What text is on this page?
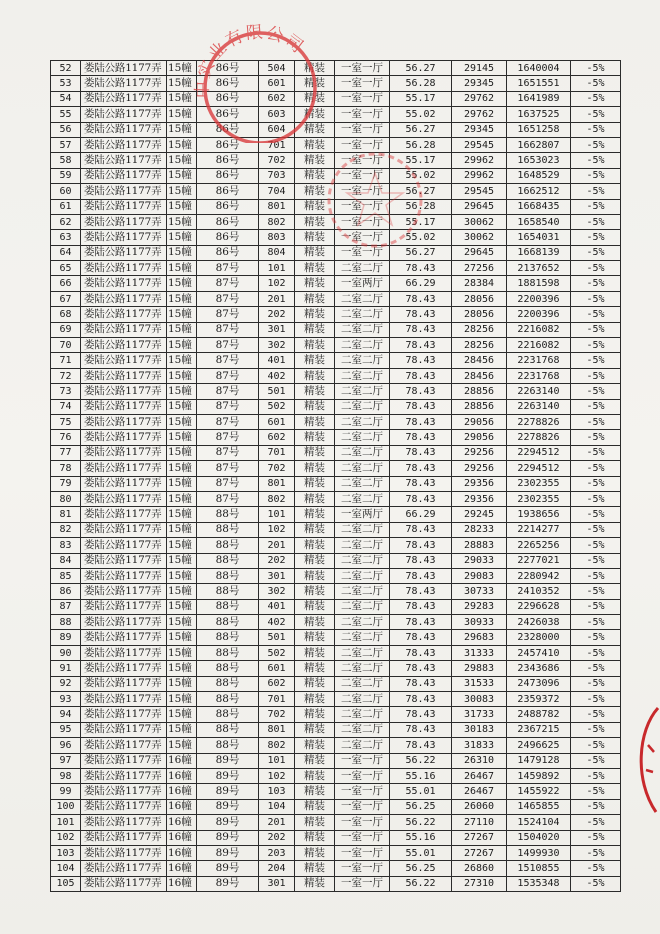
52	娄陆公路1177弄	15幢	86号	504	精装	一室一厅	56.27	29145	1640004	-5%
53	娄陆公路1177弄	15幢	86号	601	精装	一室一厅	56.28	29345	1651551	-5%
54	娄陆公路1177弄	15幢	86号	602	精装	一室一厅	55.17	29762	1641989	-5%
55	娄陆公路1177弄	15幢	86号	603	精装	一室一厅	55.02	29762	1637525	-5%
56	娄陆公路1177弄	15幢	86号	604	精装	一室一厅	56.27	29345	1651258	-5%
57	娄陆公路1177弄	15幢	86号	701	精装	一室一厅	56.28	29545	1662807	-5%
58	娄陆公路1177弄	15幢	86号	702	精装	一室一厅	55.17	29962	1653023	-5%
59	娄陆公路1177弄	15幢	86号	703	精装	一室一厅	55.02	29962	1648529	-5%
60	娄陆公路1177弄	15幢	86号	704	精装	一室一厅	56.27	29545	1662512	-5%
61	娄陆公路1177弄	15幢	86号	801	精装	一室一厅	56.28	29645	1668435	-5%
62	娄陆公路1177弄	15幢	86号	802	精装	一室一厅	55.17	30062	1658540	-5%
63	娄陆公路1177弄	15幢	86号	803	精装	一室一厅	55.02	30062	1654031	-5%
64	娄陆公路1177弄	15幢	86号	804	精装	一室一厅	56.27	29645	1668139	-5%
65	娄陆公路1177弄	15幢	87号	101	精装	二室二厅	78.43	27256	2137652	-5%
66	娄陆公路1177弄	15幢	87号	102	精装	一室两厅	66.29	28384	1881598	-5%
67	娄陆公路1177弄	15幢	87号	201	精装	二室二厅	78.43	28056	2200396	-5%
68	娄陆公路1177弄	15幢	87号	202	精装	二室二厅	78.43	28056	2200396	-5%
69	娄陆公路1177弄	15幢	87号	301	精装	二室二厅	78.43	28256	2216082	-5%
70	娄陆公路1177弄	15幢	87号	302	精装	二室二厅	78.43	28256	2216082	-5%
71	娄陆公路1177弄	15幢	87号	401	精装	二室二厅	78.43	28456	2231768	-5%
72	娄陆公路1177弄	15幢	87号	402	精装	二室二厅	78.43	28456	2231768	-5%
73	娄陆公路1177弄	15幢	87号	501	精装	二室二厅	78.43	28856	2263140	-5%
74	娄陆公路1177弄	15幢	87号	502	精装	二室二厅	78.43	28856	2263140	-5%
75	娄陆公路1177弄	15幢	87号	601	精装	二室二厅	78.43	29056	2278826	-5%
76	娄陆公路1177弄	15幢	87号	602	精装	二室二厅	78.43	29056	2278826	-5%
77	娄陆公路1177弄	15幢	87号	701	精装	二室二厅	78.43	29256	2294512	-5%
78	娄陆公路1177弄	15幢	87号	702	精装	二室二厅	78.43	29256	2294512	-5%
79	娄陆公路1177弄	15幢	87号	801	精装	二室二厅	78.43	29356	2302355	-5%
80	娄陆公路1177弄	15幢	87号	802	精装	二室二厅	78.43	29356	2302355	-5%
81	娄陆公路1177弄	15幢	88号	101	精装	一室两厅	66.29	29245	1938656	-5%
82	娄陆公路1177弄	15幢	88号	102	精装	二室二厅	78.43	28233	2214277	-5%
83	娄陆公路1177弄	15幢	88号	201	精装	二室二厅	78.43	28883	2265256	-5%
84	娄陆公路1177弄	15幢	88号	202	精装	二室二厅	78.43	29033	2277021	-5%
85	娄陆公路1177弄	15幢	88号	301	精装	二室二厅	78.43	29083	2280942	-5%
86	娄陆公路1177弄	15幢	88号	302	精装	二室二厅	78.43	30733	2410352	-5%
87	娄陆公路1177弄	15幢	88号	401	精装	二室二厅	78.43	29283	2296628	-5%
88	娄陆公路1177弄	15幢	88号	402	精装	二室二厅	78.43	30933	2426038	-5%
89	娄陆公路1177弄	15幢	88号	501	精装	二室二厅	78.43	29683	2328000	-5%
90	娄陆公路1177弄	15幢	88号	502	精装	二室二厅	78.43	31333	2457410	-5%
91	娄陆公路1177弄	15幢	88号	601	精装	二室二厅	78.43	29883	2343686	-5%
92	娄陆公路1177弄	15幢	88号	602	精装	二室二厅	78.43	31533	2473096	-5%
93	娄陆公路1177弄	15幢	88号	701	精装	二室二厅	78.43	30083	2359372	-5%
94	娄陆公路1177弄	15幢	88号	702	精装	二室二厅	78.43	31733	2488782	-5%
95	娄陆公路1177弄	15幢	88号	801	精装	二室二厅	78.43	30183	2367215	-5%
96	娄陆公路1177弄	15幢	88号	802	精装	二室二厅	78.43	31833	2496625	-5%
97	娄陆公路1177弄	16幢	89号	101	精装	一室一厅	56.22	26310	1479128	-5%
98	娄陆公路1177弄	16幢	89号	102	精装	一室一厅	55.16	26467	1459892	-5%
99	娄陆公路1177弄	16幢	89号	103	精装	一室一厅	55.01	26467	1455922	-5%
100	娄陆公路1177弄	16幢	89号	104	精装	一室一厅	56.25	26060	1465855	-5%
101	娄陆公路1177弄	16幢	89号	201	精装	一室一厅	56.22	27110	1524104	-5%
102	娄陆公路1177弄	16幢	89号	202	精装	一室一厅	55.16	27267	1504020	-5%
103	娄陆公路1177弄	16幢	89号	203	精装	一室一厅	55.01	27267	1499930	-5%
104	娄陆公路1177弄	16幢	89号	204	精装	一室一厅	56.25	26860	1510855	-5%
105	娄陆公路1177弄	16幢	89号	301	精装	一室一厅	56.22	27310	1535348	-5%
中实业有限公司
